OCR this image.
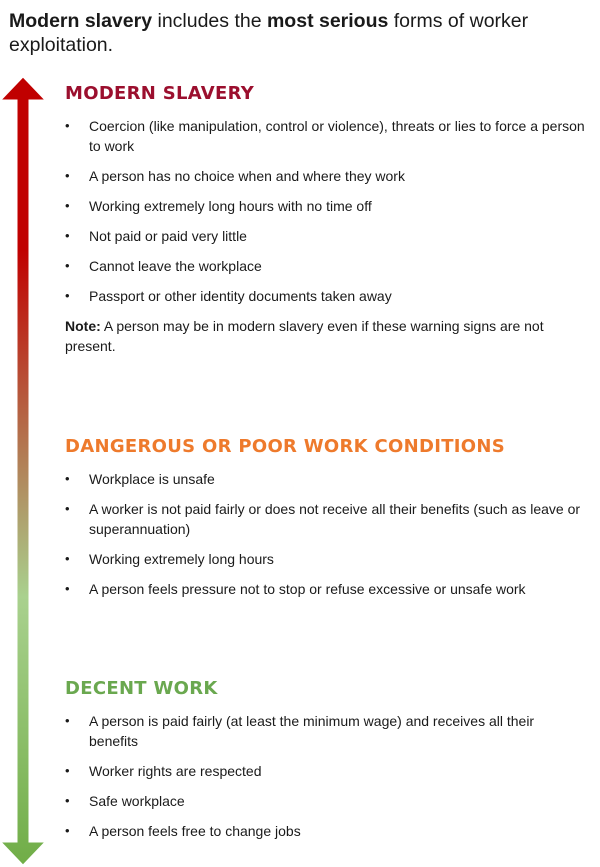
Modern slavery includes the most serious forms of worker exploitation.

MODERN SLAVERY
• Coercion (like manipulation, control or violence), threats or lies to force a person to work
• A person has no choice when and where they work
• Working extremely long hours with no time off
• Not paid or paid very little
• Cannot leave the workplace
• Passport or other identity documents taken away

Note: A person may be in modern slavery even if these warning signs are not present.

DANGEROUS OR POOR WORK CONDITIONS
• Workplace is unsafe
• A worker is not paid fairly or does not receive all their benefits (such as leave or superannuation)
• Working extremely long hours
• A person feels pressure not to stop or refuse excessive or unsafe work
DECENT WORK
• A person is paid fairly (at least the minimum wage) and receives all their benefits
• Worker rights are respected
• Safe workplace
• A person feels free to change jobs
